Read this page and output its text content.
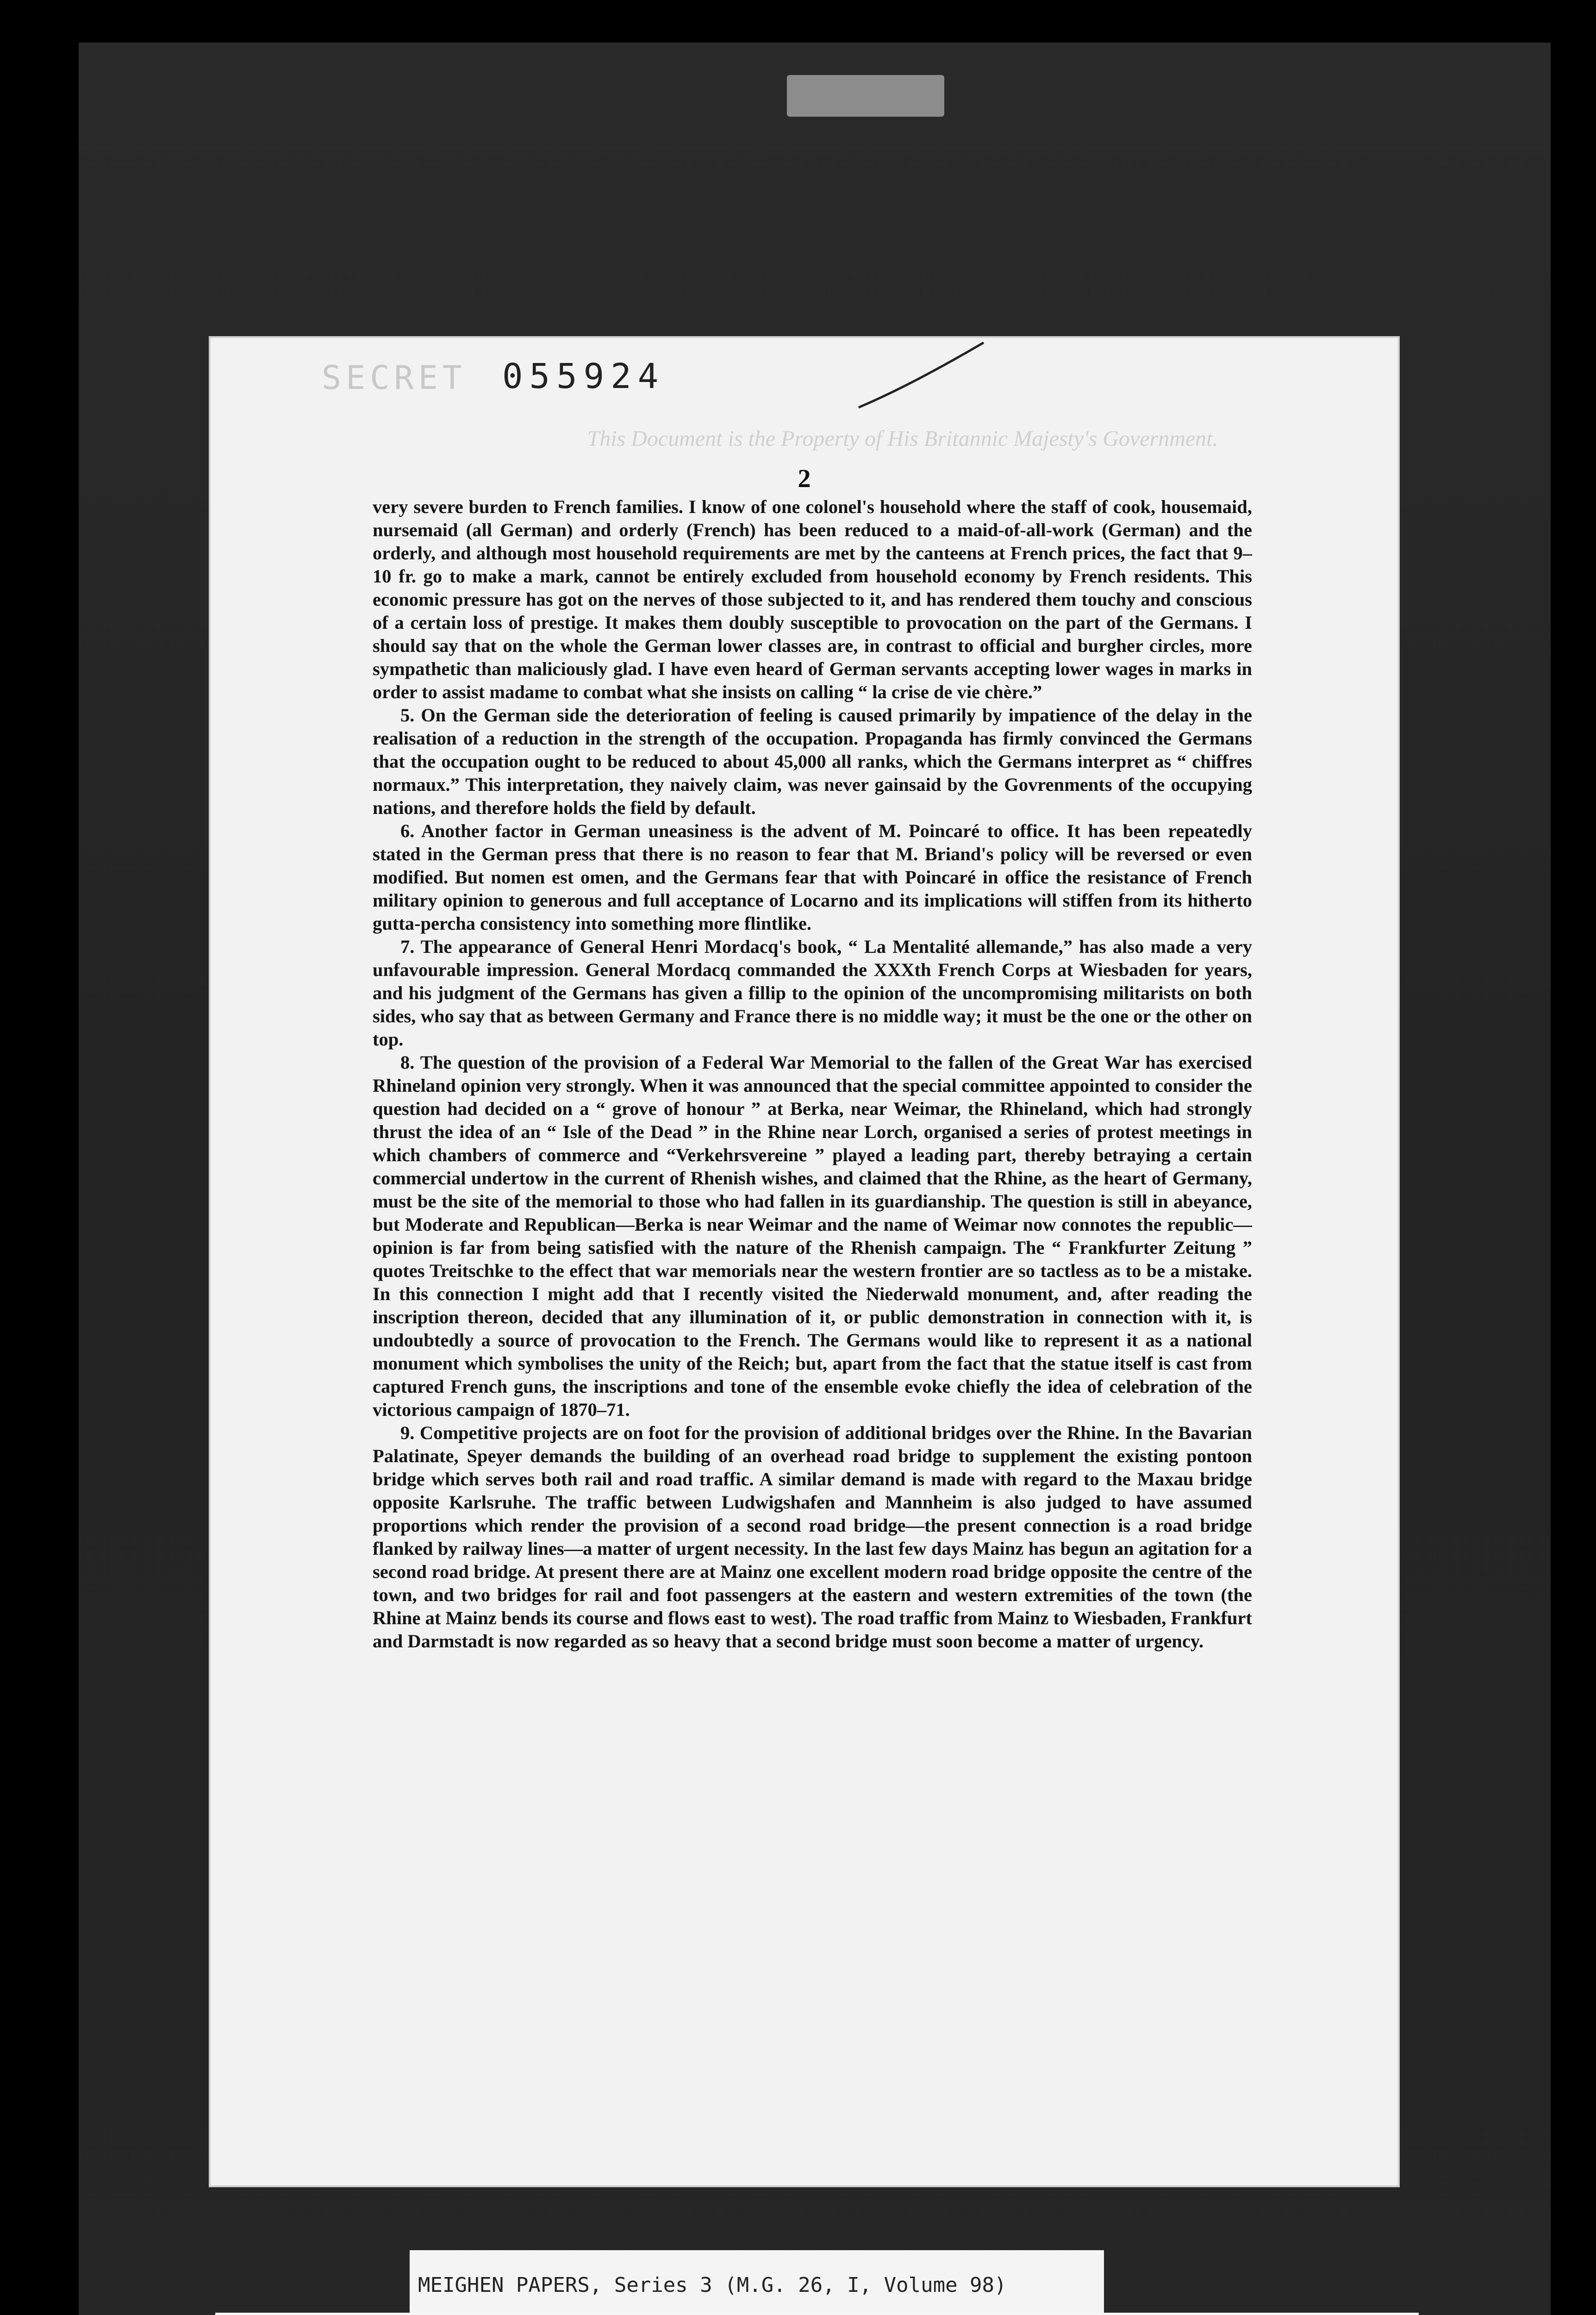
SECRET 055924
This Document is the Property of His Britannic Majesty's Government.
2

very severe burden to French families. I know of one colonel's household where the staff of cook, housemaid, nursemaid (all German) and orderly (French) has been reduced to a maid-of-all-work (German) and the orderly, and although most household requirements are met by the canteens at French prices, the fact that 9–10 fr. go to make a mark, cannot be entirely excluded from household economy by French residents. This economic pressure has got on the nerves of those subjected to it, and has rendered them touchy and conscious of a certain loss of prestige. It makes them doubly susceptible to provocation on the part of the Germans. I should say that on the whole the German lower classes are, in contrast to official and burgher circles, more sympathetic than maliciously glad. I have even heard of German servants accepting lower wages in marks in order to assist madame to combat what she insists on calling “ la crise de vie chère.”

5. On the German side the deterioration of feeling is caused primarily by impatience of the delay in the realisation of a reduction in the strength of the occupation. Propaganda has firmly convinced the Germans that the occupation ought to be reduced to about 45,000 all ranks, which the Germans interpret as “ chiffres normaux.” This interpretation, they naively claim, was never gainsaid by the Govrenments of the occupying nations, and therefore holds the field by default.

6. Another factor in German uneasiness is the advent of M. Poincaré to office. It has been repeatedly stated in the German press that there is no reason to fear that M. Briand's policy will be reversed or even modified. But nomen est omen, and the Germans fear that with Poincaré in office the resistance of French military opinion to generous and full acceptance of Locarno and its implications will stiffen from its hitherto gutta-percha consistency into something more flintlike.

7. The appearance of General Henri Mordacq's book, “ La Mentalité allemande,” has also made a very unfavourable impression. General Mordacq commanded the XXXth French Corps at Wiesbaden for years, and his judgment of the Germans has given a fillip to the opinion of the uncompromising militarists on both sides, who say that as between Germany and France there is no middle way; it must be the one or the other on top.

8. The question of the provision of a Federal War Memorial to the fallen of the Great War has exercised Rhineland opinion very strongly. When it was announced that the special committee appointed to consider the question had decided on a “ grove of honour ” at Berka, near Weimar, the Rhineland, which had strongly thrust the idea of an “ Isle of the Dead ” in the Rhine near Lorch, organised a series of protest meetings in which chambers of commerce and “Verkehrsvereine ” played a leading part, thereby betraying a certain commercial undertow in the current of Rhenish wishes, and claimed that the Rhine, as the heart of Germany, must be the site of the memorial to those who had fallen in its guardianship. The question is still in abeyance, but Moderate and Republican—Berka is near Weimar and the name of Weimar now connotes the republic—opinion is far from being satisfied with the nature of the Rhenish campaign. The “ Frankfurter Zeitung ” quotes Treitschke to the effect that war memorials near the western frontier are so tactless as to be a mistake. In this connection I might add that I recently visited the Niederwald monument, and, after reading the inscription thereon, decided that any illumination of it, or public demonstration in connection with it, is undoubtedly a source of provocation to the French. The Germans would like to represent it as a national monument which symbolises the unity of the Reich; but, apart from the fact that the statue itself is cast from captured French guns, the inscriptions and tone of the ensemble evoke chiefly the idea of celebration of the victorious campaign of 1870–71.

9. Competitive projects are on foot for the provision of additional bridges over the Rhine. In the Bavarian Palatinate, Speyer demands the building of an overhead road bridge to supplement the existing pontoon bridge which serves both rail and road traffic. A similar demand is made with regard to the Maxau bridge opposite Karlsruhe. The traffic between Ludwigshafen and Mannheim is also judged to have assumed proportions which render the provision of a second road bridge—the present connection is a road bridge flanked by railway lines—a matter of urgent necessity. In the last few days Mainz has begun an agitation for a second road bridge. At present there are at Mainz one excellent modern road bridge opposite the centre of the town, and two bridges for rail and foot passengers at the eastern and western extremities of the town (the Rhine at Mainz bends its course and flows east to west). The road traffic from Mainz to Wiesbaden, Frankfurt and Darmstadt is now regarded as so heavy that a second bridge must soon become a matter of urgency.

MEIGHEN PAPERS, Series 3 (M.G. 26, I, Volume 98)
